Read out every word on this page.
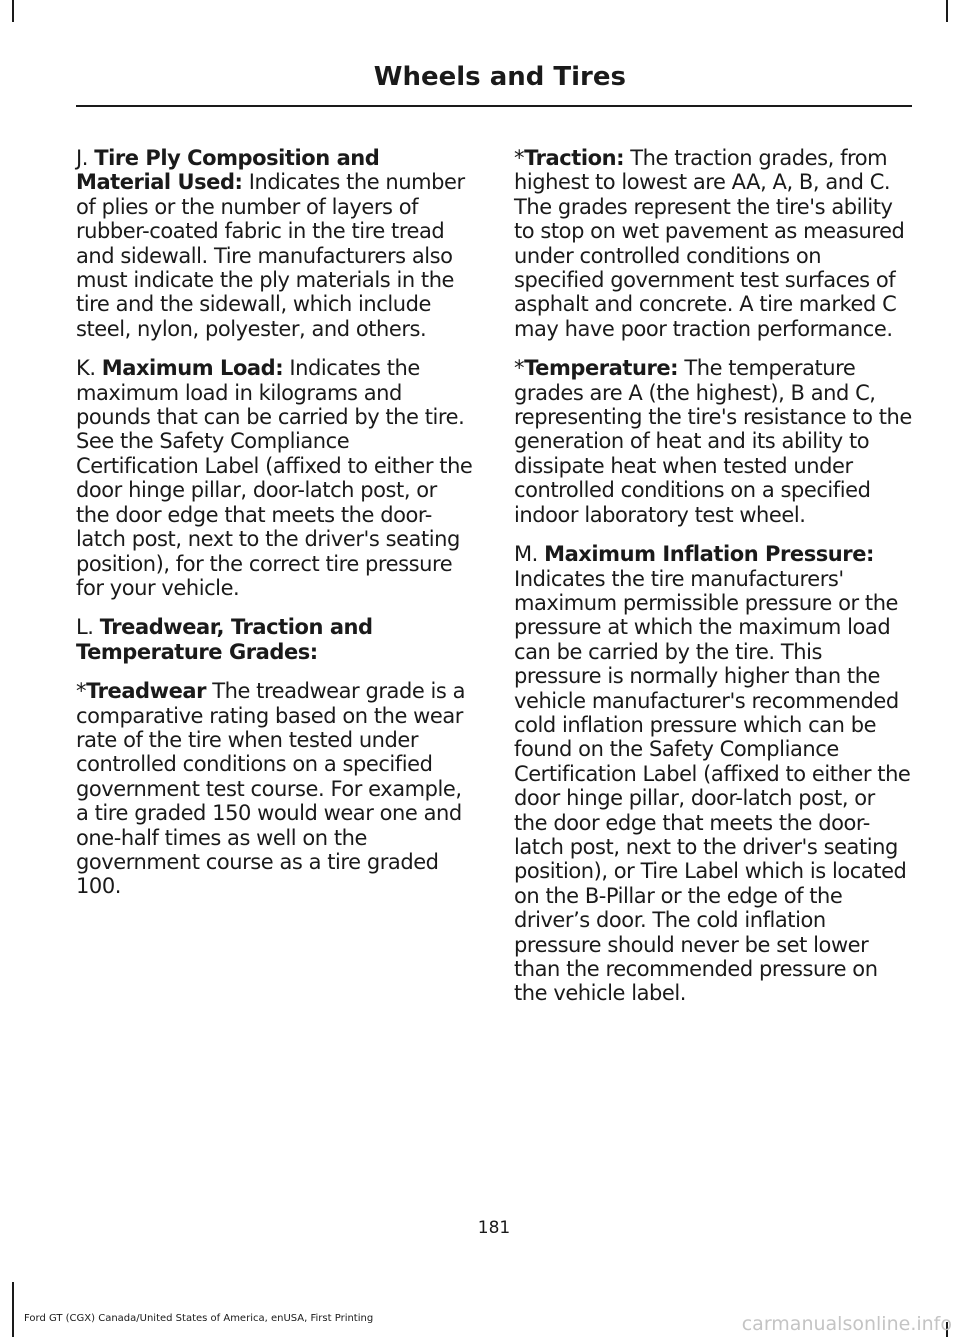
Wheels and Tires

J. Tire Ply Composition and Material Used: Indicates the number of plies or the number of layers of rubber-coated fabric in the tire tread and sidewall. Tire manufacturers also must indicate the ply materials in the tire and the sidewall, which include steel, nylon, polyester, and others.

K. Maximum Load: Indicates the maximum load in kilograms and pounds that can be carried by the tire. See the Safety Compliance Certification Label (affixed to either the door hinge pillar, door-latch post, or the door edge that meets the door-latch post, next to the driver's seating position), for the correct tire pressure for your vehicle.

L. Treadwear, Traction and Temperature Grades:

*Treadwear The treadwear grade is a comparative rating based on the wear rate of the tire when tested under controlled conditions on a specified government test course. For example, a tire graded 150 would wear one and one-half times as well on the government course as a tire graded 100.

*Traction: The traction grades, from highest to lowest are AA, A, B, and C. The grades represent the tire's ability to stop on wet pavement as measured under controlled conditions on specified government test surfaces of asphalt and concrete. A tire marked C may have poor traction performance.

*Temperature: The temperature grades are A (the highest), B and C, representing the tire's resistance to the generation of heat and its ability to dissipate heat when tested under controlled conditions on a specified indoor laboratory test wheel.

M. Maximum Inflation Pressure: Indicates the tire manufacturers' maximum permissible pressure or the pressure at which the maximum load can be carried by the tire. This pressure is normally higher than the vehicle manufacturer's recommended cold inflation pressure which can be found on the Safety Compliance Certification Label (affixed to either the door hinge pillar, door-latch post, or the door edge that meets the door-latch post, next to the driver's seating position), or Tire Label which is located on the B-Pillar or the edge of the driver’s door. The cold inflation pressure should never be set lower than the recommended pressure on the vehicle label.

181
Ford GT (CGX) Canada/United States of America, enUSA, First Printing	carmanualsonline.info
